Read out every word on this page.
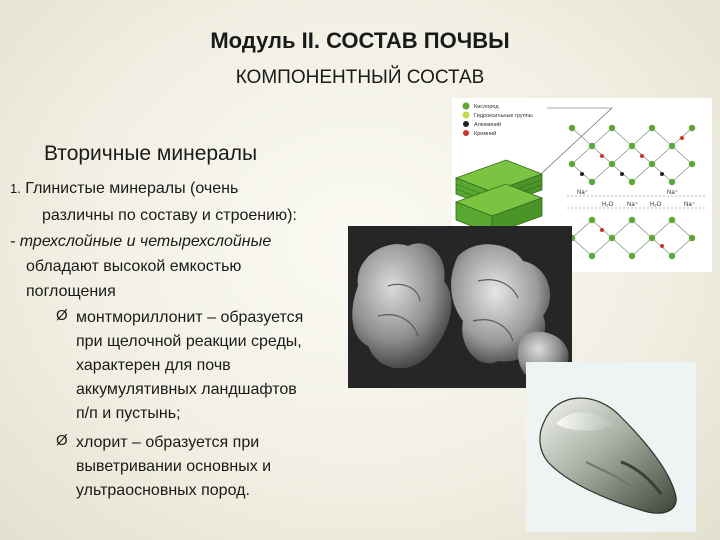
Модуль II. СОСТАВ ПОЧВЫ
КОМПОНЕНТНЫЙ СОСТАВ
Кислород
Гидроксильные группы
Алюминий
Кремний
Na⁺	Na⁺
H₂O Na⁺ H₂O	Na⁺

Вторичные минералы

1. Глинистые минералы (очень

различны по составу и строению):

- трехслойные и четырехслойные

обладают высокой емкостью

поглощения

Ø монтмориллонит – образуется
при щелочной реакции среды,
характерен для почв
аккумулятивных ландшафтов
п/п и пустынь;
Ø хлорит – образуется при
выветривании основных и
ультраосновных пород.
